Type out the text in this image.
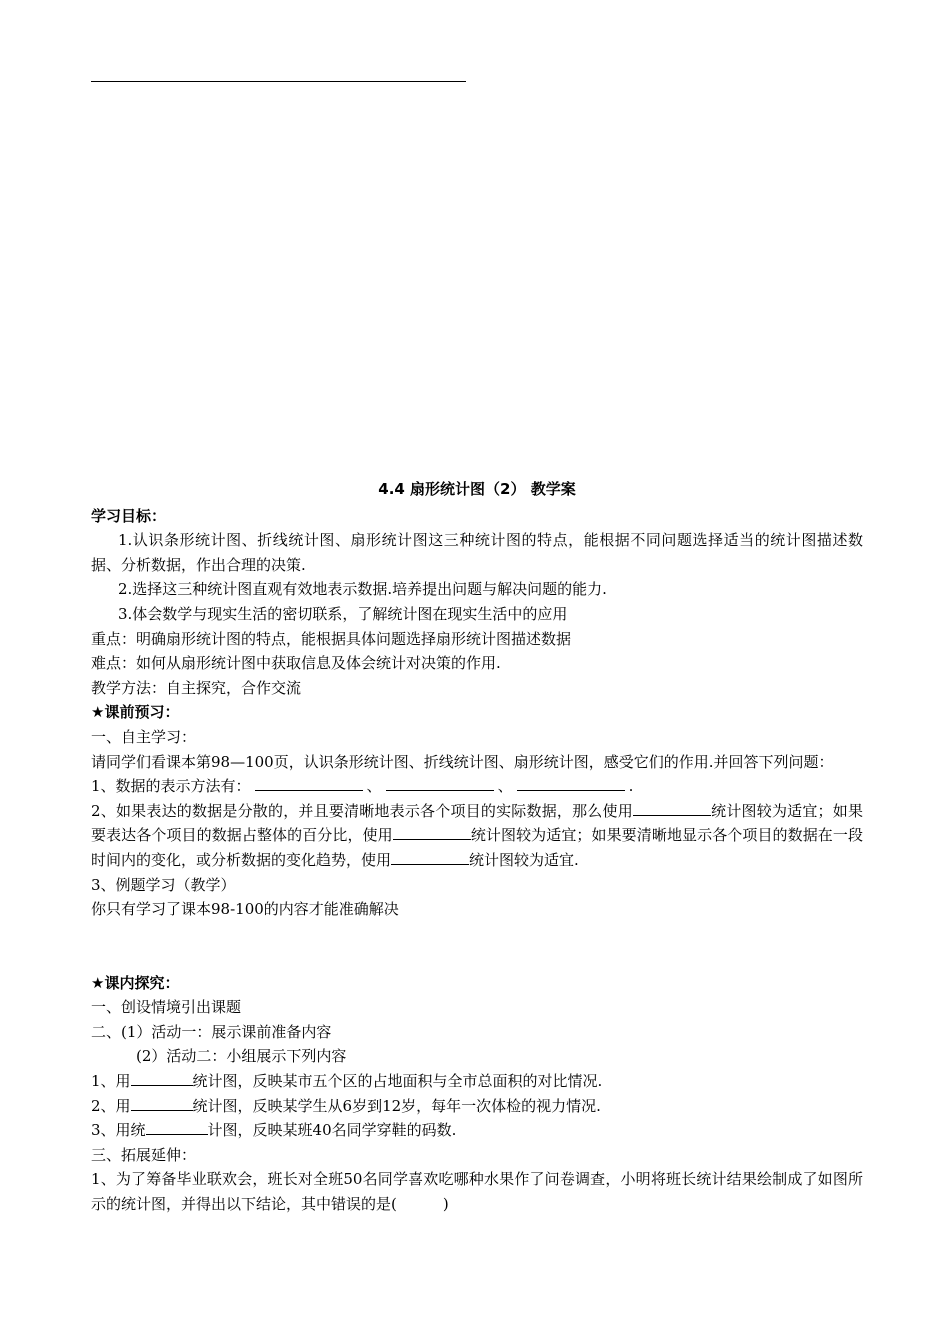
4.4 扇形统计图（2） 教学案

学习目标：

1.认识条形统计图、折线统计图、扇形统计图这三种统计图的特点，能根据不同问题选择适当的统计图描述数据、分析数据，作出合理的决策.

2.选择这三种统计图直观有效地表示数据.培养提出问题与解决问题的能力.

3.体会数学与现实生活的密切联系，了解统计图在现实生活中的应用

重点：明确扇形统计图的特点，能根据具体问题选择扇形统计图描述数据

难点：如何从扇形统计图中获取信息及体会统计对决策的作用.

教学方法：自主探究，合作交流

★课前预习：

一、自主学习：

请同学们看课本第98—100页，认识条形统计图、折线统计图、扇形统计图，感受它们的作用.并回答下列问题：

1、数据的表示方法有：	、	、	.

2、如果表达的数据是分散的，并且要清晰地表示各个项目的实际数据，那么使用	统计图较为适宜；如果要表达各个项目的数据占整体的百分比，使用	统计图较为适宜；如果要清晰地显示各个项目的数据在一段时间内的变化，或分析数据的变化趋势，使用	统计图较为适宜.

3、例题学习（教学）

你只有学习了课本98-100的内容才能准确解决

★课内探究：

一、创设情境引出课题

二、(1）活动一：展示课前准备内容

(2）活动二：小组展示下列内容

1、用	统计图，反映某市五个区的占地面积与全市总面积的对比情况.

2、用	统计图，反映某学生从6岁到12岁，每年一次体检的视力情况.

3、用统	计图，反映某班40名同学穿鞋的码数.

三、拓展延伸：

1、为了筹备毕业联欢会，班长对全班50名同学喜欢吃哪种水果作了问卷调查，小明将班长统计结果绘制成了如图所示的统计图，并得出以下结论，其中错误的是(	)
